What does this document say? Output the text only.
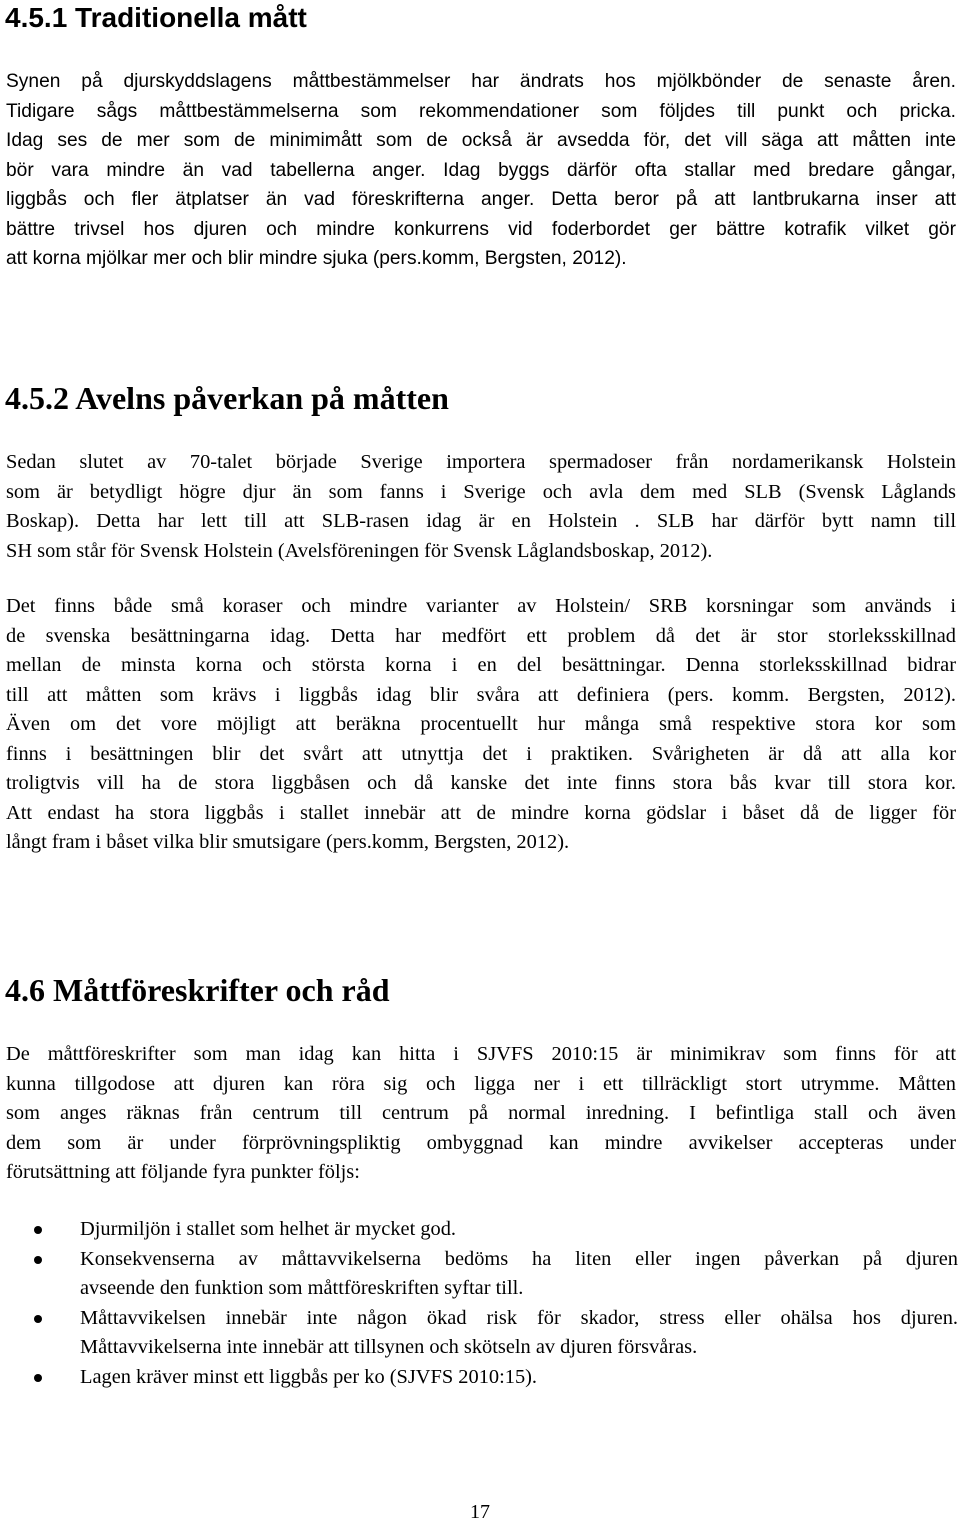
4.5.1 Traditionella mått
Synen på djurskyddslagens måttbestämmelser har ändrats hos mjölkbönder de senaste åren.
Tidigare sågs måttbestämmelserna som rekommendationer som följdes till punkt och pricka.
Idag ses de mer som de minimimått som de också är avsedda för, det vill säga att måtten inte
bör vara mindre än vad tabellerna anger. Idag byggs därför ofta stallar med bredare gångar,
liggbås och fler ätplatser än vad föreskrifterna anger. Detta beror på att lantbrukarna inser att
bättre trivsel hos djuren och mindre konkurrens vid foderbordet ger bättre kotrafik vilket gör
att korna mjölkar mer och blir mindre sjuka (pers.komm, Bergsten, 2012).
4.5.2 Avelns påverkan på måtten
Sedan slutet av 70-talet började Sverige importera spermadoser från nordamerikansk Holstein
som är betydligt högre djur än som fanns i Sverige och avla dem med SLB (Svensk Låglands
Boskap). Detta har lett till att SLB-rasen idag är en Holstein . SLB har därför bytt namn till
SH som står för Svensk Holstein (Avelsföreningen för Svensk Låglandsboskap, 2012).
Det finns både små koraser och mindre varianter av Holstein/ SRB korsningar som används i
de svenska besättningarna idag. Detta har medfört ett problem då det är stor storleksskillnad
mellan de minsta korna och största korna i en del besättningar. Denna storleksskillnad bidrar
till att måtten som krävs i liggbås idag blir svåra att definiera (pers. komm. Bergsten, 2012).
Även om det vore möjligt att beräkna procentuellt hur många små respektive stora kor som
finns i besättningen blir det svårt att utnyttja det i praktiken. Svårigheten är då att alla kor
troligtvis vill ha de stora liggbåsen och då kanske det inte finns stora bås kvar till stora kor.
Att endast ha stora liggbås i stallet innebär att de mindre korna gödslar i båset då de ligger för
långt fram i båset vilka blir smutsigare (pers.komm, Bergsten, 2012).
4.6 Måttföreskrifter och råd
De måttföreskrifter som man idag kan hitta i SJVFS 2010:15 är minimikrav som finns för att
kunna tillgodose att djuren kan röra sig och ligga ner i ett tillräckligt stort utrymme. Måtten
som anges räknas från centrum till centrum på normal inredning. I befintliga stall och även
dem som är under förprövningspliktig ombyggnad kan mindre avvikelser accepteras under
förutsättning att följande fyra punkter följs:
Djurmiljön i stallet som helhet är mycket god.
Konsekvenserna av måttavvikelserna bedöms ha liten eller ingen påverkan på djuren
avseende den funktion som måttföreskriften syftar till.
Måttavvikelsen innebär inte någon ökad risk för skador, stress eller ohälsa hos djuren.
Måttavvikelserna inte innebär att tillsynen och skötseln av djuren försvåras.
Lagen kräver minst ett liggbås per ko (SJVFS 2010:15).

17
